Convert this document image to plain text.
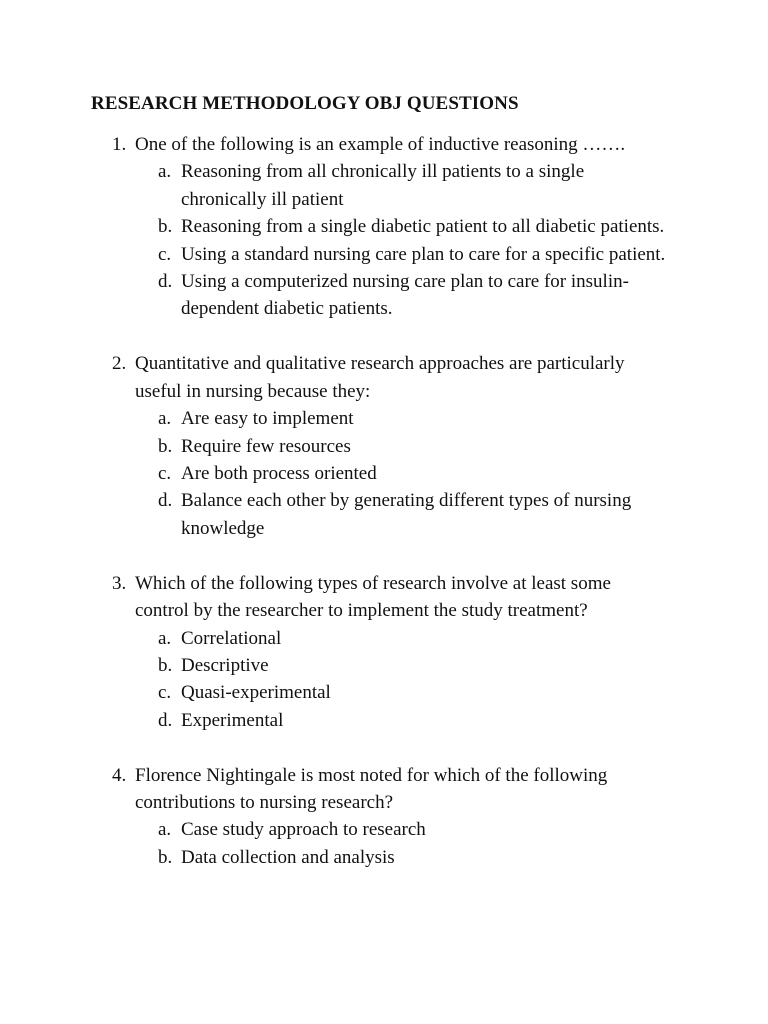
RESEARCH METHODOLOGY OBJ QUESTIONS
1. One of the following is an example of inductive reasoning …….
a. Reasoning from all chronically ill patients to a single chronically ill patient
b. Reasoning from a single diabetic patient to all diabetic patients.
c. Using a standard nursing care plan to care for a specific patient.
d. Using a computerized nursing care plan to care for insulin-dependent diabetic patients.
2. Quantitative and qualitative research approaches are particularly useful in nursing because they:
a. Are easy to implement
b. Require few resources
c. Are both process oriented
d. Balance each other by generating different types of nursing knowledge
3. Which of the following types of research involve at least some control by the researcher to implement the study treatment?
a. Correlational
b. Descriptive
c. Quasi-experimental
d. Experimental
4. Florence Nightingale is most noted for which of the following contributions to nursing research?
a. Case study approach to research
b. Data collection and analysis
